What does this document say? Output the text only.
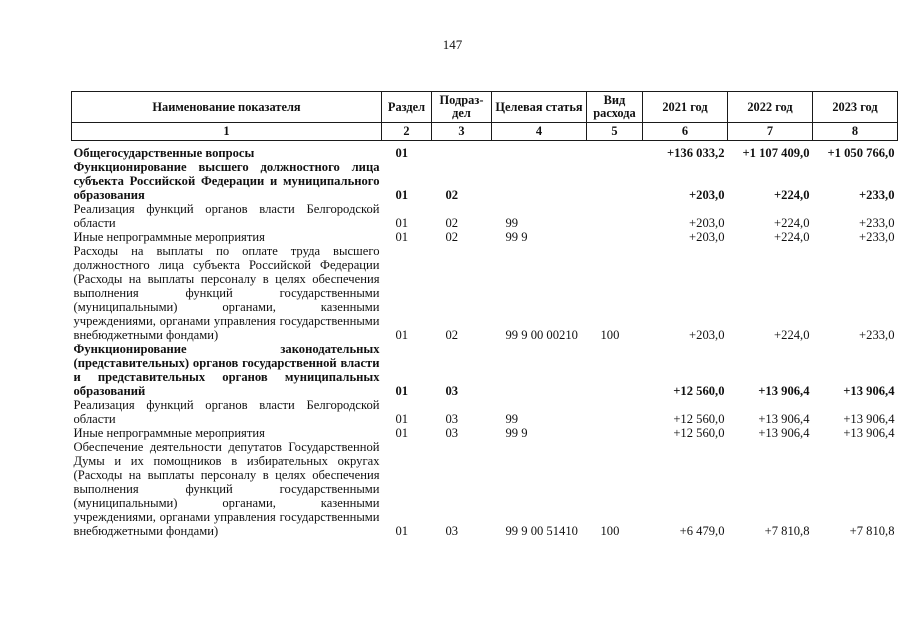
147
Наименование показателя	Раздел	Подраз-дел	Целевая статья	Вид расхода	2021 год	2022 год	2023 год
1	2	3	4	5	6	7	8
Общегосударственные вопросы	01				+136 033,2	+1 107 409,0	+1 050 766,0
Функционирование высшего должностного лица субъекта Российской Федерации и муниципального образования	01	02			+203,0	+224,0	+233,0
Реализация функций органов власти Белгородской области	01	02	99		+203,0	+224,0	+233,0
Иные непрограммные мероприятия	01	02	99 9		+203,0	+224,0	+233,0
Расходы на выплаты по оплате труда высшего должностного лица субъекта Российской Федерации (Расходы на выплаты персоналу в целях обеспечения выполнения функций государственными (муниципальными) органами, казенными учреждениями, органами управления государственными внебюджетными фондами)	01	02	99 9 00 00210	100	+203,0	+224,0	+233,0
Функционирование законодательных (представительных) органов государственной власти и представительных органов муниципальных образований	01	03			+12 560,0	+13 906,4	+13 906,4
Реализация функций органов власти Белгородской области	01	03	99		+12 560,0	+13 906,4	+13 906,4
Иные непрограммные мероприятия	01	03	99 9		+12 560,0	+13 906,4	+13 906,4
Обеспечение деятельности депутатов Государственной Думы и их помощников в избирательных округах (Расходы на выплаты персоналу в целях обеспечения выполнения функций государственными (муниципальными) органами, казенными учреждениями, органами управления государственными внебюджетными фондами)	01	03	99 9 00 51410	100	+6 479,0	+7 810,8	+7 810,8
